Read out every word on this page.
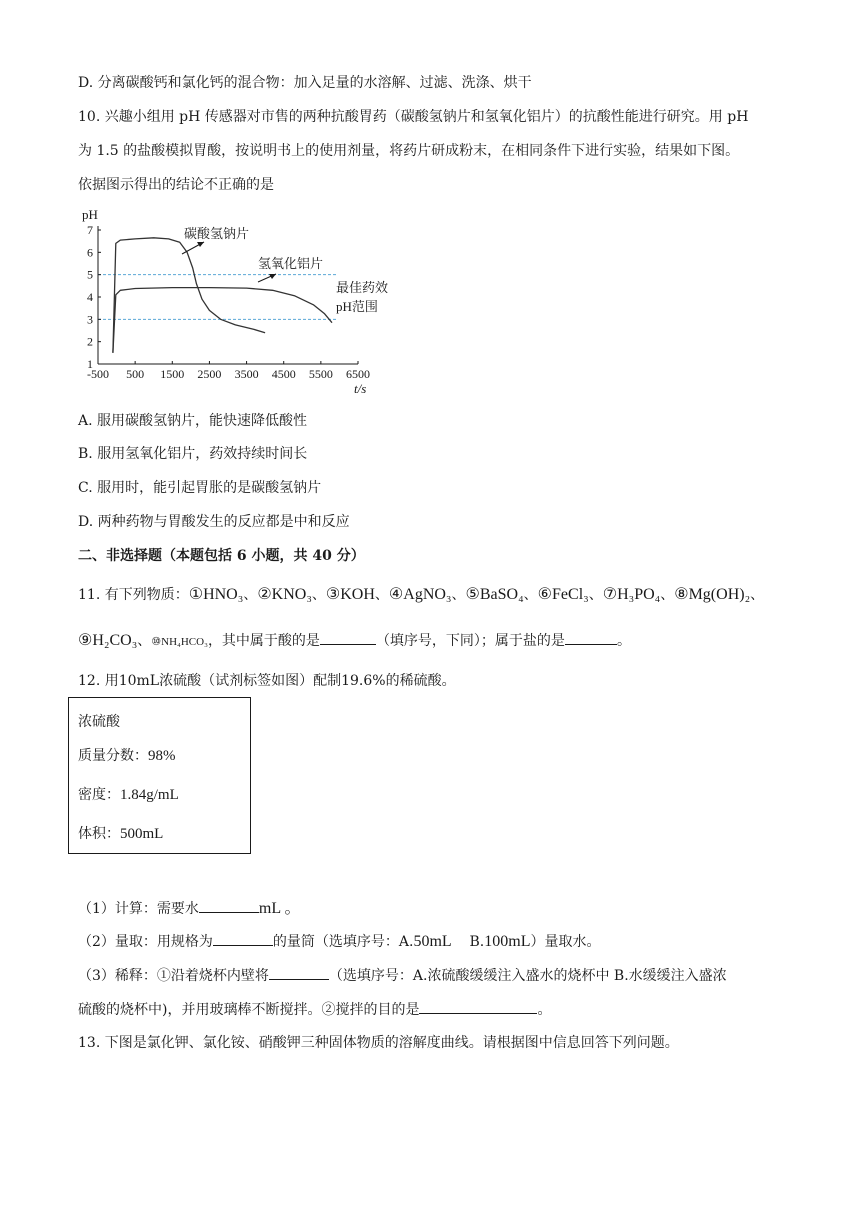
D. 分离碳酸钙和氯化钙的混合物：加入足量的水溶解、过滤、洗涤、烘干
10. 兴趣小组用 pH 传感器对市售的两种抗酸胃药（碳酸氢钠片和氢氧化铝片）的抗酸性能进行研究。用 pH
为 1.5 的盐酸模拟胃酸，按说明书上的使用剂量，将药片研成粉末，在相同条件下进行实验，结果如下图。
依据图示得出的结论不正确的是
-500 500 1500 2500 3500 4500 5500 6500
1
2
3
4
5
6
7
pH
t/s
碳酸氢钠片
氢氧化铝片
最佳药效
pH范围
A. 服用碳酸氢钠片，能快速降低酸性
B. 服用氢氧化铝片，药效持续时间长
C. 服用时，能引起胃胀的是碳酸氢钠片
D. 两种药物与胃酸发生的反应都是中和反应
二、非选择题（本题包括 6 小题，共 40 分）
11. 有下列物质：①HNO₃、②KNO₃、③KOH、④AgNO₃、⑤BaSO₄、⑥FeCl₃、⑦H₃PO₄、⑧Mg(OH)₂、
⑨H₂CO₃、⑩NH₄HCO₃，其中属于酸的是	（填序号，下同）；属于盐的是	。
12. 用10mL浓硫酸（试剂标签如图）配制19.6%的稀硫酸。
浓硫酸
质量分数：98%
密度：1.84g/mL
体积：500mL
（1）计算：需要水	mL 。
（2）量取：用规格为	的量筒（选填序号：A.50mL B.100mL）量取水。
（3）稀释：①沿着烧杯内壁将	（选填序号：A.浓硫酸缓缓注入盛水的烧杯中 B.水缓缓注入盛浓
硫酸的烧杯中)，并用玻璃棒不断搅拌。②搅拌的目的是	。
13. 下图是氯化钾、氯化铵、硝酸钾三种固体物质的溶解度曲线。请根据图中信息回答下列问题。
